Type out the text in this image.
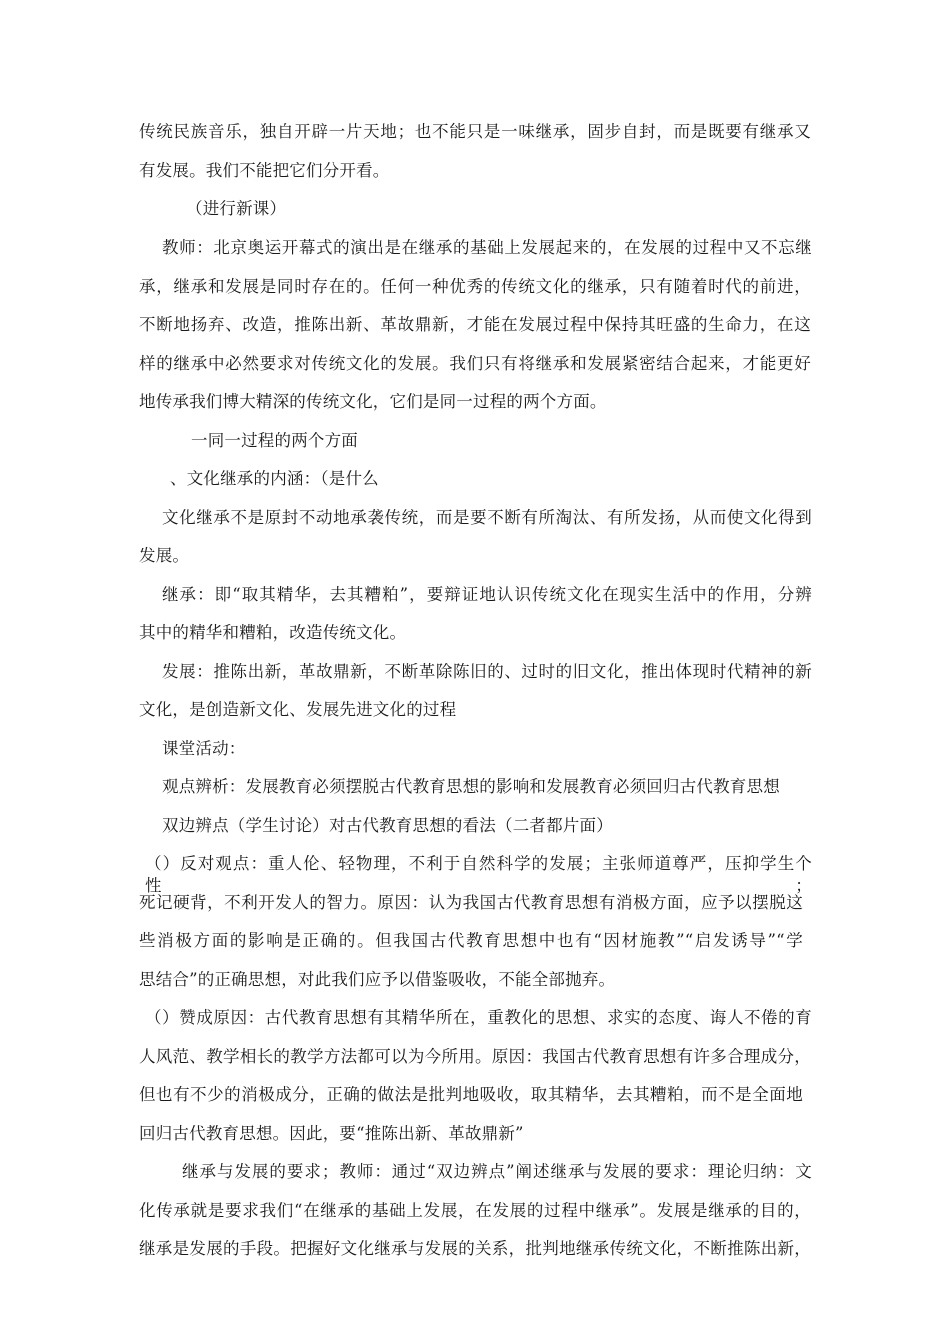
传统民族音乐，独自开辟一片天地；也不能只是一味继承，固步自封，而是既要有继承又

有发展。我们不能把它们分开看。

（进行新课）

教师：北京奥运开幕式的演出是在继承的基础上发展起来的，在发展的过程中又不忘继

承，继承和发展是同时存在的。任何一种优秀的传统文化的继承，只有随着时代的前进，

不断地扬弃、改造，推陈出新、革故鼎新，才能在发展过程中保持其旺盛的生命力，在这

样的继承中必然要求对传统文化的发展。我们只有将继承和发展紧密结合起来，才能更好

地传承我们博大精深的传统文化，它们是同一过程的两个方面。

一同一过程的两个方面

、文化继承的内涵：（是什么

文化继承不是原封不动地承袭传统，而是要不断有所淘汰、有所发扬，从而使文化得到

发展。

继承：即“取其精华，去其糟粕”，要辩证地认识传统文化在现实生活中的作用，分辨

其中的精华和糟粕，改造传统文化。

发展：推陈出新，革故鼎新，不断革除陈旧的、过时的旧文化，推出体现时代精神的新

文化，是创造新文化、发展先进文化的过程

课堂活动：

观点辨析：发展教育必须摆脱古代教育思想的影响和发展教育必须回归古代教育思想

双边辨点（学生讨论）对古代教育思想的看法（二者都片面）

（）反对观点：重人伦、轻物理，不利于自然科学的发展；主张师道尊严，压抑学生个性；

死记硬背，不利开发人的智力。原因：认为我国古代教育思想有消极方面，应予以摆脱这

些消极方面的影响是正确的。但我国古代教育思想中也有“因材施教”“启发诱导”“学

思结合”的正确思想，对此我们应予以借鉴吸收，不能全部抛弃。

（）赞成原因：古代教育思想有其精华所在，重教化的思想、求实的态度、诲人不倦的育

人风范、教学相长的教学方法都可以为今所用。原因：我国古代教育思想有许多合理成分，

但也有不少的消极成分，正确的做法是批判地吸收，取其精华，去其糟粕，而不是全面地

回归古代教育思想。因此，要“推陈出新、革故鼎新”

继承与发展的要求；教师：通过“双边辨点”阐述继承与发展的要求：理论归纳：文

化传承就是要求我们“在继承的基础上发展，在发展的过程中继承”。发展是继承的目的，

继承是发展的手段。把握好文化继承与发展的关系，批判地继承传统文化，不断推陈出新，
